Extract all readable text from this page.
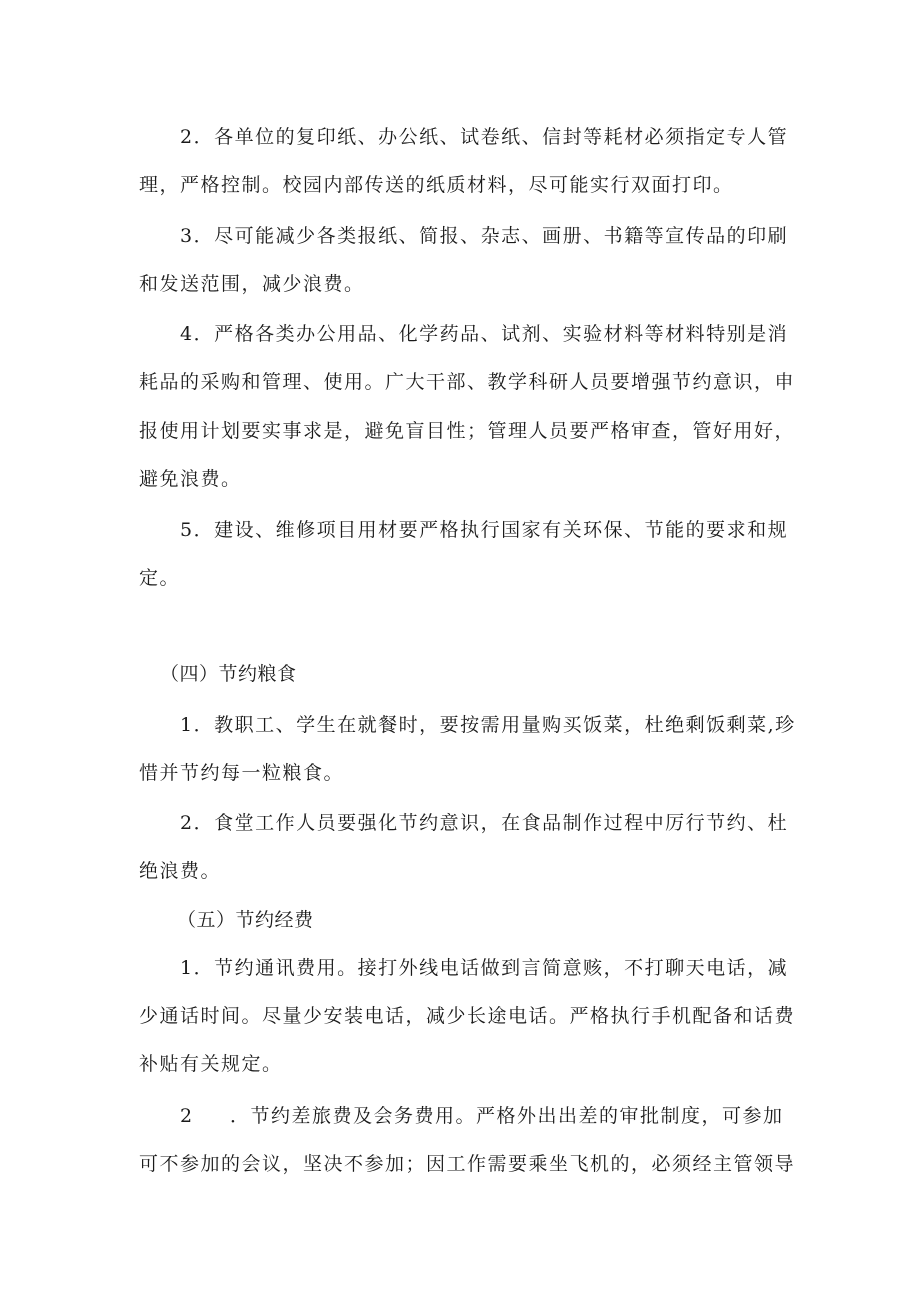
2．各单位的复印纸、办公纸、试卷纸、信封等耗材必须指定专人管
理，严格控制。校园内部传送的纸质材料，尽可能实行双面打印。
3．尽可能减少各类报纸、简报、杂志、画册、书籍等宣传品的印刷
和发送范围，减少浪费。
4．严格各类办公用品、化学药品、试剂、实验材料等材料特别是消
耗品的采购和管理、使用。广大干部、教学科研人员要增强节约意识，申
报使用计划要实事求是，避免盲目性；管理人员要严格审查，管好用好，
避免浪费。
5．建设、维修项目用材要严格执行国家有关环保、节能的要求和规
定。
（四）节约粮食
1．教职工、学生在就餐时，要按需用量购买饭菜，杜绝剩饭剩菜,珍
惜并节约每一粒粮食。
2．食堂工作人员要强化节约意识，在食品制作过程中厉行节约、杜
绝浪费。
（五）节约经费
1．节约通讯费用。接打外线电话做到言简意赅，不打聊天电话，减
少通话时间。尽量少安装电话，减少长途电话。严格执行手机配备和话费
补贴有关规定。
2 ．节约差旅费及会务费用。严格外出出差的审批制度，可参加
可不参加的会议，坚决不参加；因工作需要乘坐飞机的，必须经主管领导
